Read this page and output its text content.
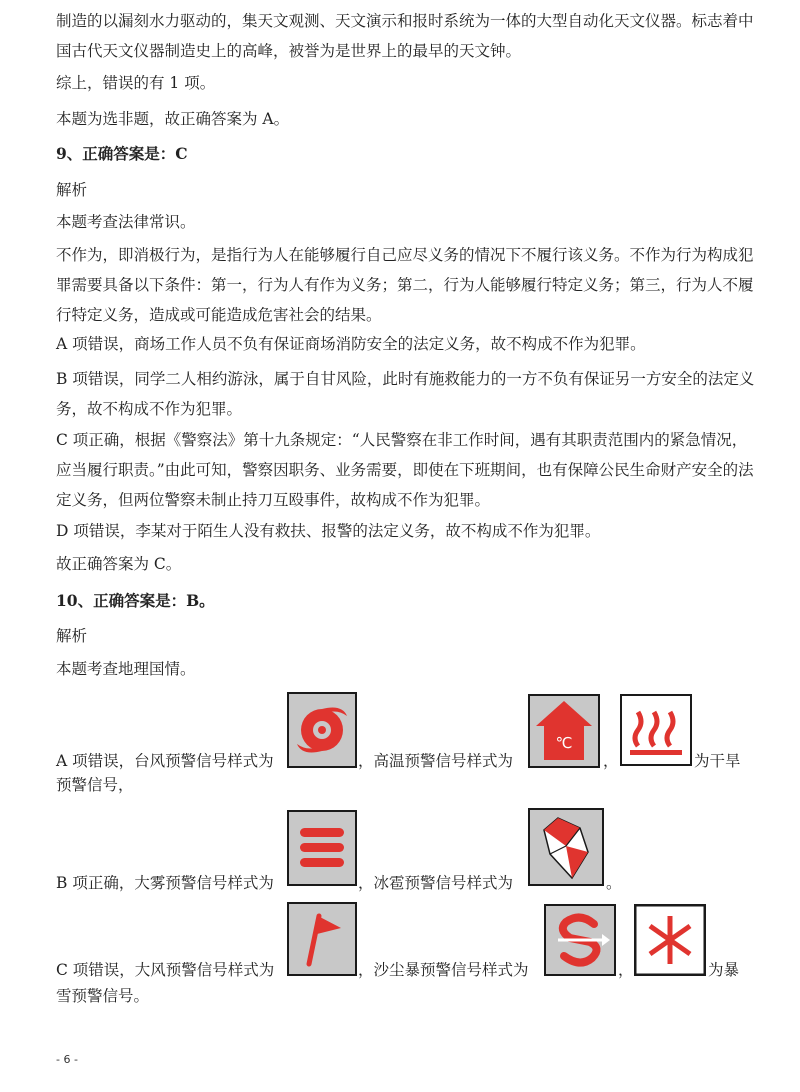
制造的以漏刻水力驱动的，集天文观测、天文演示和报时系统为一体的大型自动化天文仪器。标志着中国古代天文仪器制造史上的高峰，被誉为是世界上的最早的天文钟。

综上，错误的有 1 项。

本题为选非题，故正确答案为 A。

9、正确答案是：C

解析

本题考查法律常识。

不作为，即消极行为，是指行为人在能够履行自己应尽义务的情况下不履行该义务。不作为行为构成犯罪需要具备以下条件：第一，行为人有作为义务；第二，行为人能够履行特定义务；第三，行为人不履行特定义务，造成或可能造成危害社会的结果。

A 项错误，商场工作人员不负有保证商场消防安全的法定义务，故不构成不作为犯罪。

B 项错误，同学二人相约游泳，属于自甘风险，此时有施救能力的一方不负有保证另一方安全的法定义务，故不构成不作为犯罪。

C 项正确，根据《警察法》第十九条规定：“人民警察在非工作时间，遇有其职责范围内的紧急情况，应当履行职责。”由此可知，警察因职务、业务需要，即使在下班期间，也有保障公民生命财产安全的法定义务，但两位警察未制止持刀互殴事件，故构成不作为犯罪。

D 项错误，李某对于陌生人没有救扶、报警的法定义务，故不构成不作为犯罪。

故正确答案为 C。

10、正确答案是：B。

解析

本题考查地理国情。

A 项错误，台风预警信号样式为	，高温预警信号样式为
℃
，	为干旱
预警信号，
B 项正确，大雾预警信号样式为	，冰雹预警信号样式为	。
C 项错误，大风预警信号样式为	，沙尘暴预警信号样式为	，	为暴
雪预警信号。
- 6 -
